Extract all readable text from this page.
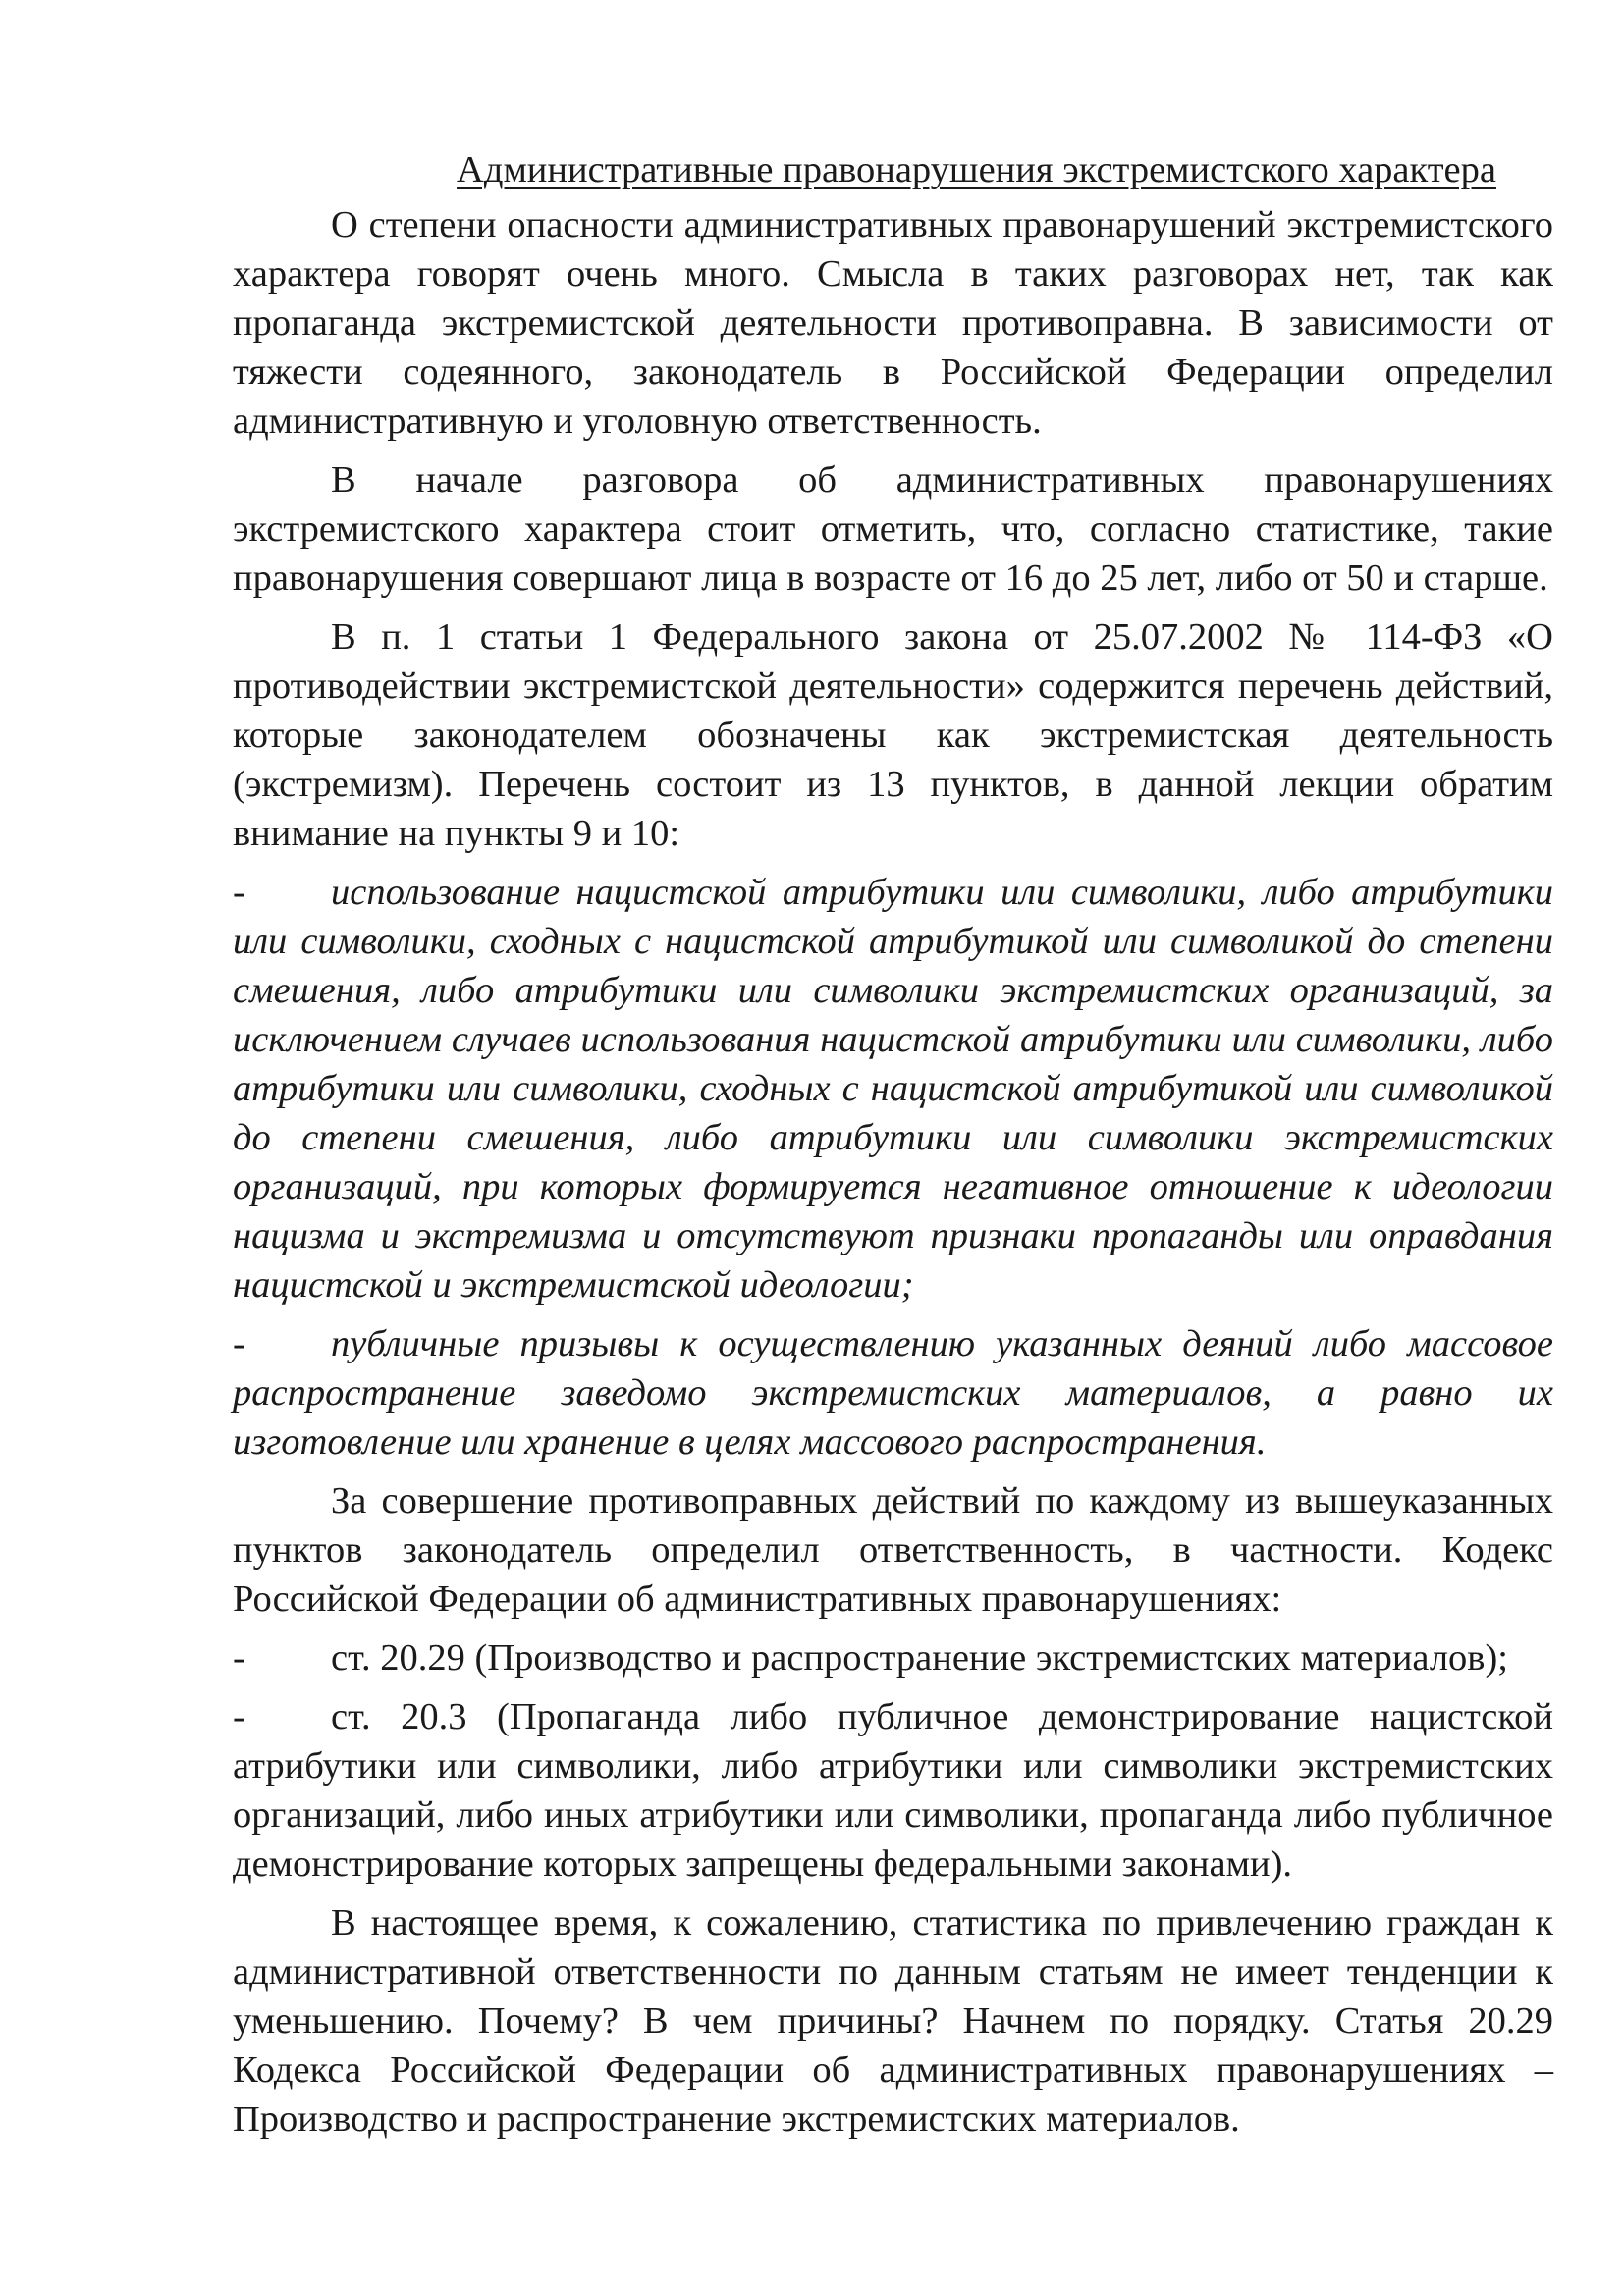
Административные правонарушения экстремистского характера

О степени опасности административных правонарушений экстремистского характера говорят очень много. Смысла в таких разговорах нет, так как пропаганда экстремистской деятельности противоправна. В зависимости от тяжести содеянного, законодатель в Российской Федерации определил административную и уголовную ответственность.

В начале разговора об административных правонарушениях экстремистского характера стоит отметить, что, согласно статистике, такие правонарушения совершают лица в возрасте от 16 до 25 лет, либо от 50 и старше.

В п. 1 статьи 1 Федерального закона от 25.07.2002 № 114-ФЗ «О противодействии экстремистской деятельности» содержится перечень действий, которые законодателем обозначены как экстремистская деятельность (экстремизм). Перечень состоит из 13 пунктов, в данной лекции обратим внимание на пункты 9 и 10:

- использование нацистской атрибутики или символики, либо атрибутики или символики, сходных с нацистской атрибутикой или символикой до степени смешения, либо атрибутики или символики экстремистских организаций, за исключением случаев использования нацистской атрибутики или символики, либо атрибутики или символики, сходных с нацистской атрибутикой или символикой до степени смешения, либо атрибутики или символики экстремистских организаций, при которых формируется негативное отношение к идеологии нацизма и экстремизма и отсутствуют признаки пропаганды или оправдания нацистской и экстремистской идеологии;

- публичные призывы к осуществлению указанных деяний либо массовое распространение заведомо экстремистских материалов, а равно их изготовление или хранение в целях массового распространения.

За совершение противоправных действий по каждому из вышеуказанных пунктов законодатель определил ответственность, в частности. Кодекс Российской Федерации об административных правонарушениях:

- ст. 20.29 (Производство и распространение экстремистских материалов);

- ст. 20.3 (Пропаганда либо публичное демонстрирование нацистской атрибутики или символики, либо атрибутики или символики экстремистских организаций, либо иных атрибутики или символики, пропаганда либо публичное демонстрирование которых запрещены федеральными законами).

В настоящее время, к сожалению, статистика по привлечению граждан к административной ответственности по данным статьям не имеет тенденции к уменьшению. Почему? В чем причины? Начнем по порядку. Статья 20.29 Кодекса Российской Федерации об административных правонарушениях – Производство и распространение экстремистских материалов.
